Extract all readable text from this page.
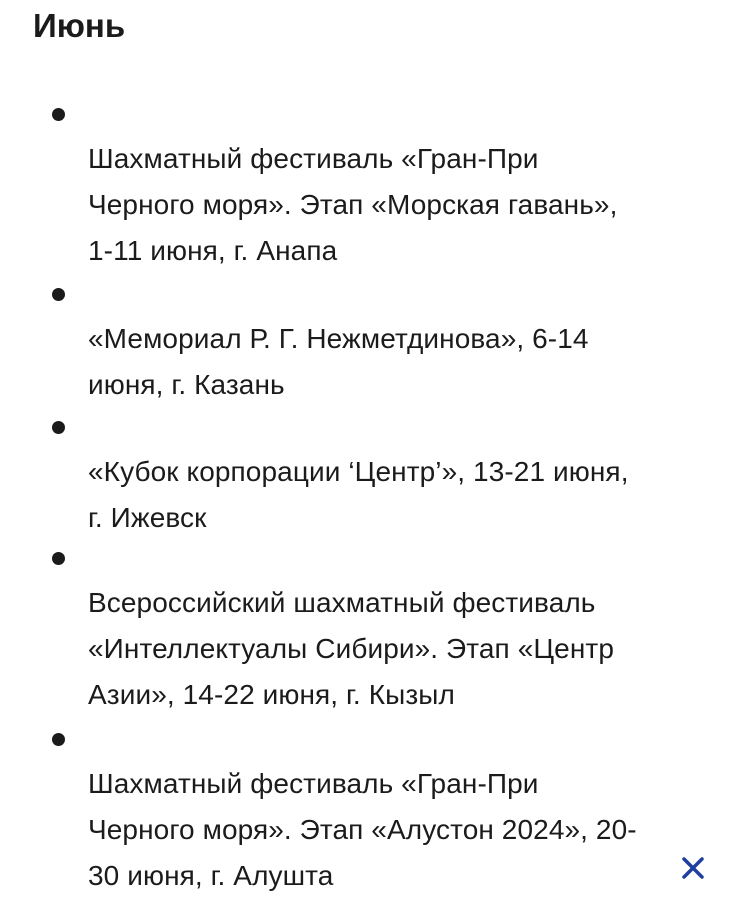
Июнь

Шахматный фестиваль «Гран-При
Черного моря». Этап «Морская гавань»,
1-11 июня, г. Анапа

«Мемориал Р. Г. Нежметдинова», 6-14
июня, г. Казань

«Кубок корпорации ‘Центр’», 13-21 июня,
г. Ижевск

Всероссийский шахматный фестиваль
«Интеллектуалы Сибири». Этап «Центр
Азии», 14-22 июня, г. Кызыл

Шахматный фестиваль «Гран-При
Черного моря». Этап «Алустон 2024», 20-
30 июня, г. Алушта
